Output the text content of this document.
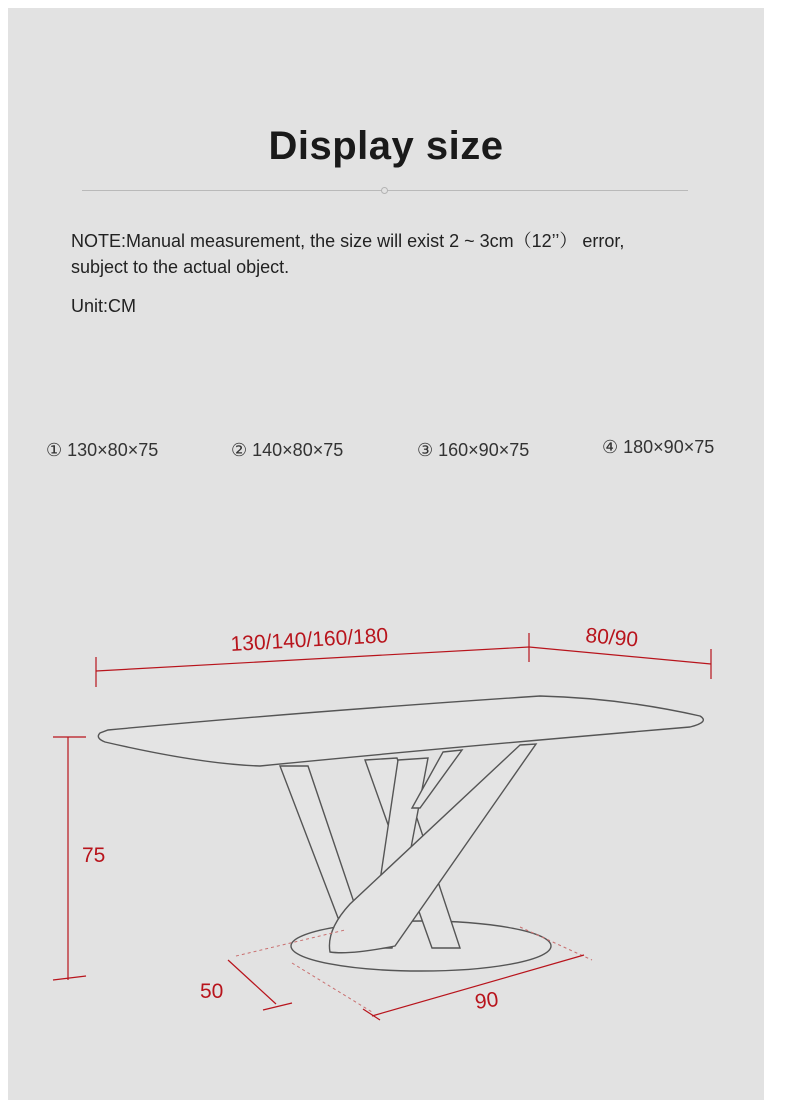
Display size
NOTE:Manual measurement, the size will exist 2 ~ 3cm（12’’） error,
subject to the actual object.
Unit:CM
① 130×80×75	② 140×80×75	③ 160×90×75	④ 180×90×75
130/140/160/180	80/90
75
50	90
